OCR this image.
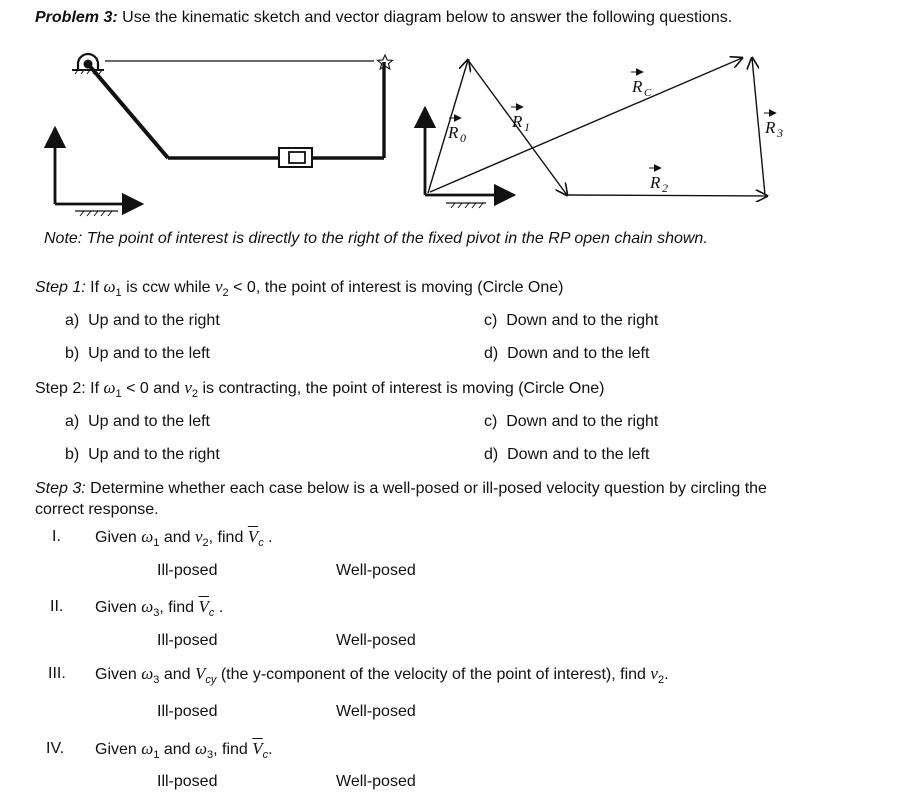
Problem 3: Use the kinematic sketch and vector diagram below to answer the following questions.
R 0
R 1
R 2
R 3
R C
Note: The point of interest is directly to the right of the fixed pivot in the RP open chain shown.
Step 1: If $\omega_1$ is ccw while $v_2 < 0$, the point of interest is moving (Circle One)
a) Up and to the right	c) Down and to the right
b) Up and to the left	d) Down and to the left
Step 2: If $\omega_1 < 0$ and $v_2$ is contracting, the point of interest is moving (Circle One)
a) Up and to the left	c) Down and to the right
b) Up and to the right	d) Down and to the left
Step 3: Determine whether each case below is a well-posed or ill-posed velocity question by circling the
correct response.
I. Given $\omega_1$ and $v_2$, find $\overline{V}_c$ .
Ill-posed	Well-posed
II. Given $\omega_3$, find $\overline{V}_c$ .
Ill-posed	Well-posed
III. Given $\omega_3$ and $V_{cy}$ (the y-component of the velocity of the point of interest), find $v_2$.
Ill-posed	Well-posed
IV. Given $\omega_1$ and $\omega_3$, find $\overline{V}_c$.
Ill-posed	Well-posed
